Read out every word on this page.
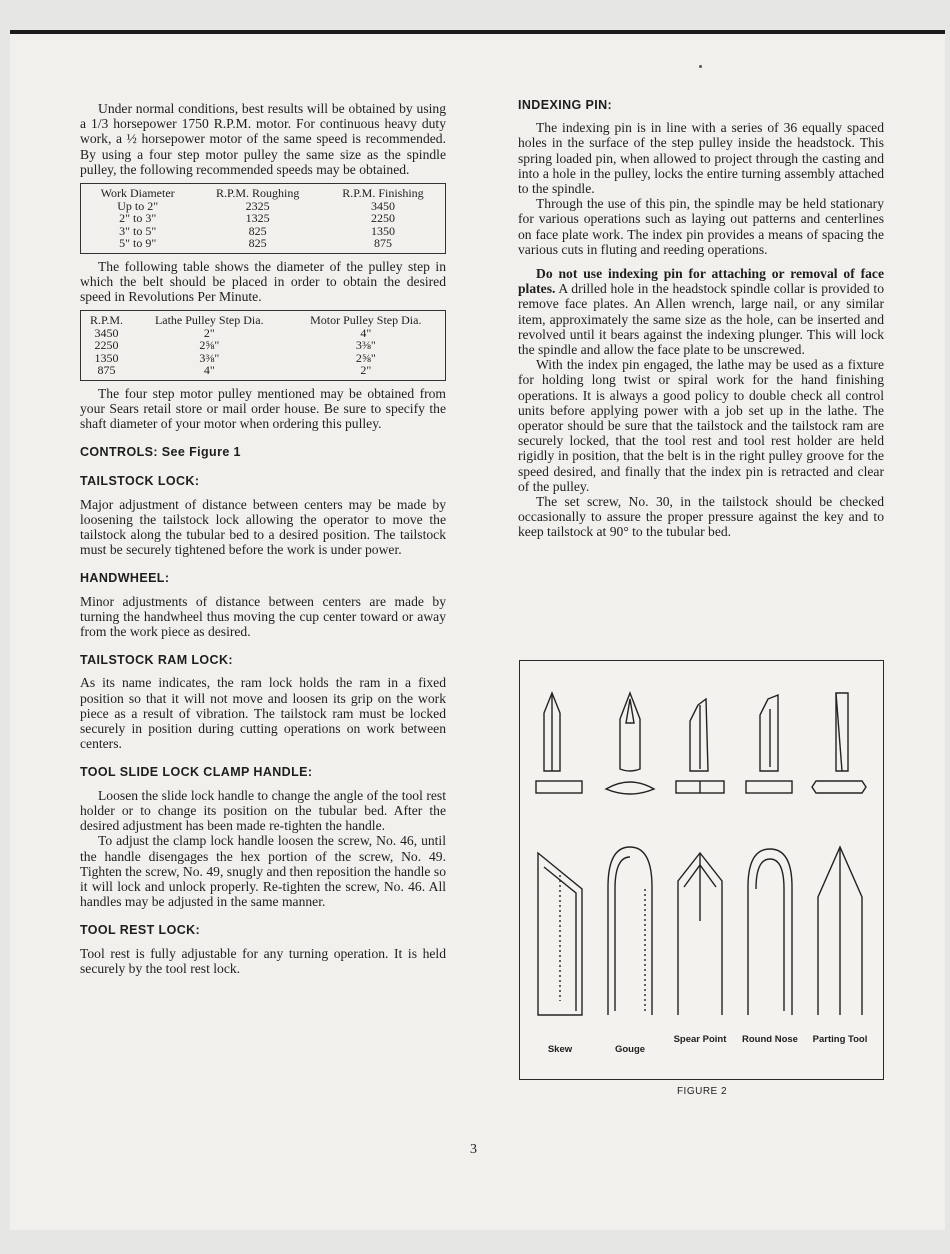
Under normal conditions, best results will be obtained by using a 1/3 horsepower 1750 R.P.M. motor. For continuous heavy duty work, a ½ horsepower motor of the same speed is recommended. By using a four step motor pulley the same size as the spindle pulley, the following recommended speeds may be obtained.

Work Diameter	R.P.M. Roughing	R.P.M. Finishing
Up to 2"	2325	3450
2" to 3"	1325	2250
3" to 5"	825	1350
5" to 9"	825	875

The following table shows the diameter of the pulley step in which the belt should be placed in order to obtain the desired speed in Revolutions Per Minute.

R.P.M.	Lathe Pulley Step Dia.	Motor Pulley Step Dia.
3450	2"	4"
2250	2⅝"	3⅜"
1350	3⅜"	2⅝"
875	4"	2"

The four step motor pulley mentioned may be obtained from your Sears retail store or mail order house. Be sure to specify the shaft diameter of your motor when ordering this pulley.

CONTROLS: See Figure 1
TAILSTOCK LOCK:

Major adjustment of distance between centers may be made by loosening the tailstock lock allowing the operator to move the tailstock along the tubular bed to a desired position. The tailstock must be securely tightened before the work is under power.

HANDWHEEL:

Minor adjustments of distance between centers are made by turning the handwheel thus moving the cup center toward or away from the work piece as desired.

TAILSTOCK RAM LOCK:

As its name indicates, the ram lock holds the ram in a fixed position so that it will not move and loosen its grip on the work piece as a result of vibration. The tailstock ram must be locked securely in position during cutting operations on work between centers.

TOOL SLIDE LOCK CLAMP HANDLE:

Loosen the slide lock handle to change the angle of the tool rest holder or to change its position on the tubular bed. After the desired adjustment has been made re-tighten the handle.

To adjust the clamp lock handle loosen the screw, No. 46, until the handle disengages the hex portion of the screw, No. 49. Tighten the screw, No. 49, snugly and then reposition the handle so it will lock and unlock properly. Re-tighten the screw, No. 46. All handles may be adjusted in the same manner.

TOOL REST LOCK:

Tool rest is fully adjustable for any turning operation. It is held securely by the tool rest lock.

INDEXING PIN:

The indexing pin is in line with a series of 36 equally spaced holes in the surface of the step pulley inside the headstock. This spring loaded pin, when allowed to project through the casting and into a hole in the pulley, locks the entire turning assembly attached to the spindle.

Through the use of this pin, the spindle may be held stationary for various operations such as laying out patterns and centerlines on face plate work. The index pin provides a means of spacing the various cuts in fluting and reeding operations.

Do not use indexing pin for attaching or removal of face plates. A drilled hole in the headstock spindle collar is provided to remove face plates. An Allen wrench, large nail, or any similar item, approximately the same size as the hole, can be inserted and revolved until it bears against the indexing plunger. This will lock the spindle and allow the face plate to be unscrewed.

With the index pin engaged, the lathe may be used as a fixture for holding long twist or spiral work for the hand finishing operations. It is always a good policy to double check all control units before applying power with a job set up in the lathe. The operator should be sure that the tailstock and the tailstock ram are securely locked, that the tool rest and tool rest holder are held rigidly in position, that the belt is in the right pulley groove for the speed desired, and finally that the index pin is retracted and clear of the pulley.

The set screw, No. 30, in the tailstock should be checked occasionally to assure the proper pressure against the key and to keep tailstock at 90° to the tubular bed.

Skew	Gouge
Spear Point	Round Nose Parting Tool
FIGURE 2
3
